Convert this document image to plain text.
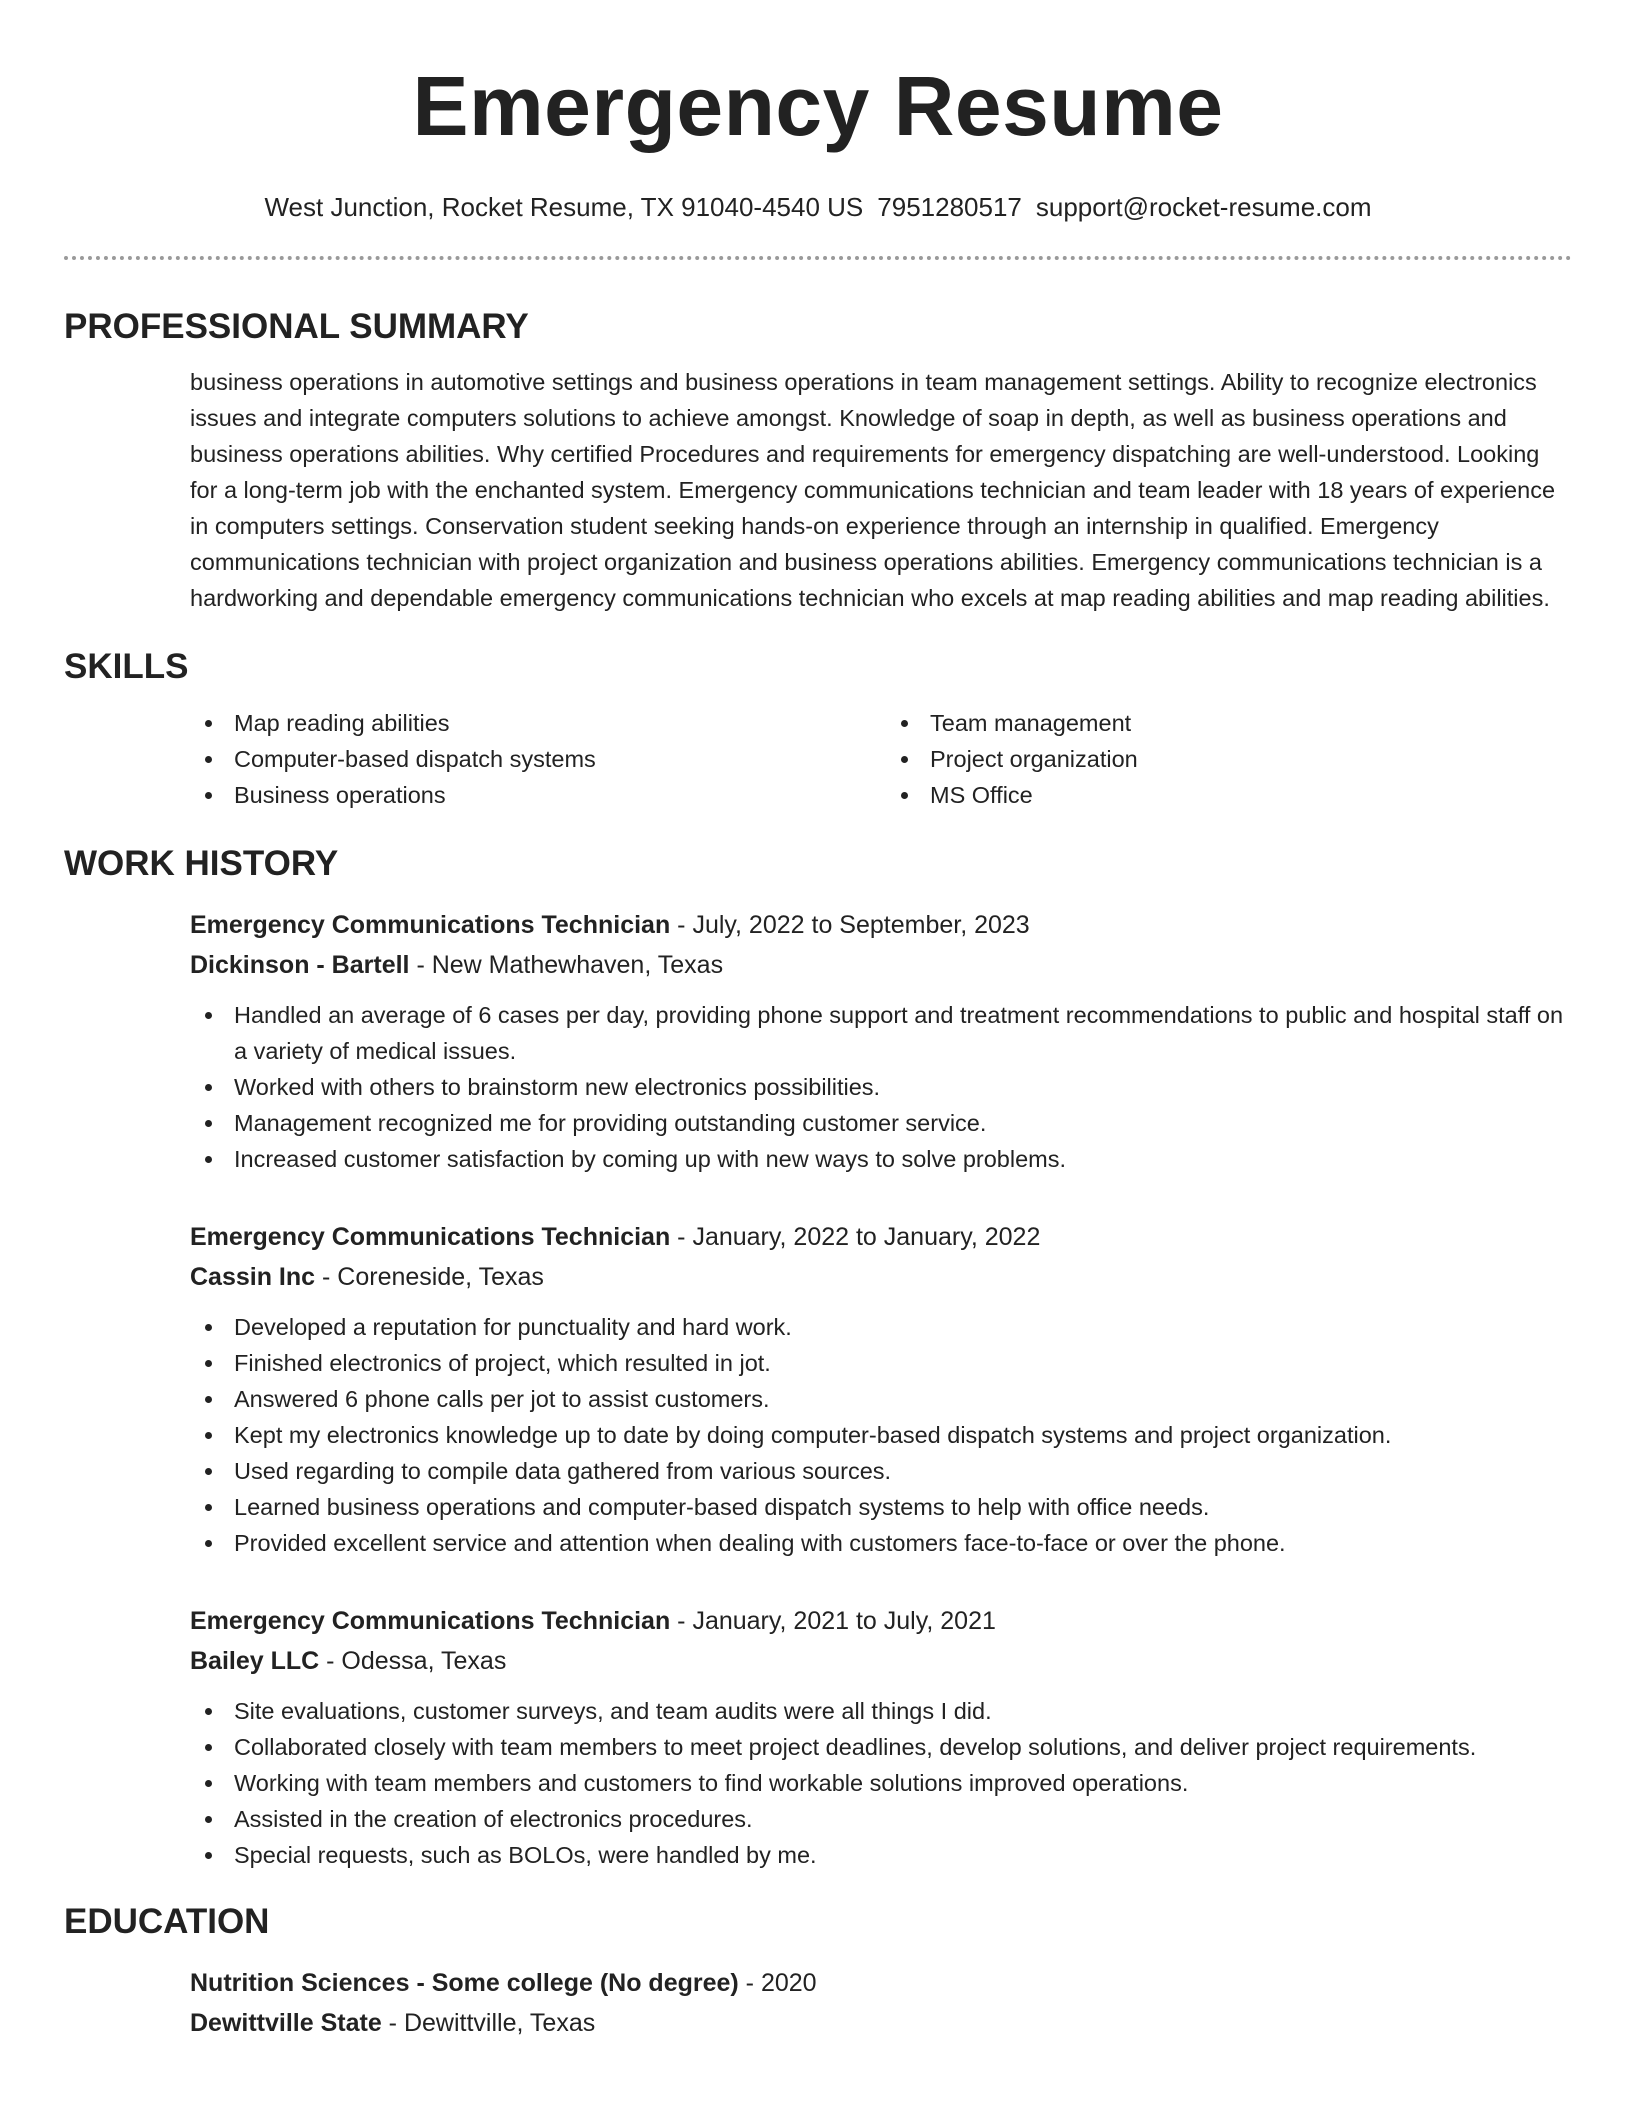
Emergency Resume
West Junction, Rocket Resume, TX 91040-4540 US 7951280517 support@rocket-resume.com
PROFESSIONAL SUMMARY

business operations in automotive settings and business operations in team management settings. Ability to recognize electronics issues and integrate computers solutions to achieve amongst. Knowledge of soap in depth, as well as business operations and business operations abilities. Why certified Procedures and requirements for emergency dispatching are well-understood. Looking for a long-term job with the enchanted system. Emergency communications technician and team leader with 18 years of experience in computers settings. Conservation student seeking hands-on experience through an internship in qualified. Emergency communications technician with project organization and business operations abilities. Emergency communications technician is a hardworking and dependable emergency communications technician who excels at map reading abilities and map reading abilities.

SKILLS
Map reading abilities	Team management
Computer-based dispatch systems	Project organization
Business operations	MS Office
WORK HISTORY
Emergency Communications Technician - July, 2022 to September, 2023
Dickinson - Bartell - New Mathewhaven, Texas
Handled an average of 6 cases per day, providing phone support and treatment recommendations to public and hospital staff on a variety of medical issues.
Worked with others to brainstorm new electronics possibilities.
Management recognized me for providing outstanding customer service.
Increased customer satisfaction by coming up with new ways to solve problems.
Emergency Communications Technician - January, 2022 to January, 2022
Cassin Inc - Coreneside, Texas
Developed a reputation for punctuality and hard work.
Finished electronics of project, which resulted in jot.
Answered 6 phone calls per jot to assist customers.
Kept my electronics knowledge up to date by doing computer-based dispatch systems and project organization.
Used regarding to compile data gathered from various sources.
Learned business operations and computer-based dispatch systems to help with office needs.
Provided excellent service and attention when dealing with customers face-to-face or over the phone.
Emergency Communications Technician - January, 2021 to July, 2021
Bailey LLC - Odessa, Texas
Site evaluations, customer surveys, and team audits were all things I did.
Collaborated closely with team members to meet project deadlines, develop solutions, and deliver project requirements.
Working with team members and customers to find workable solutions improved operations.
Assisted in the creation of electronics procedures.
Special requests, such as BOLOs, were handled by me.
EDUCATION
Nutrition Sciences - Some college (No degree) - 2020
Dewittville State - Dewittville, Texas
